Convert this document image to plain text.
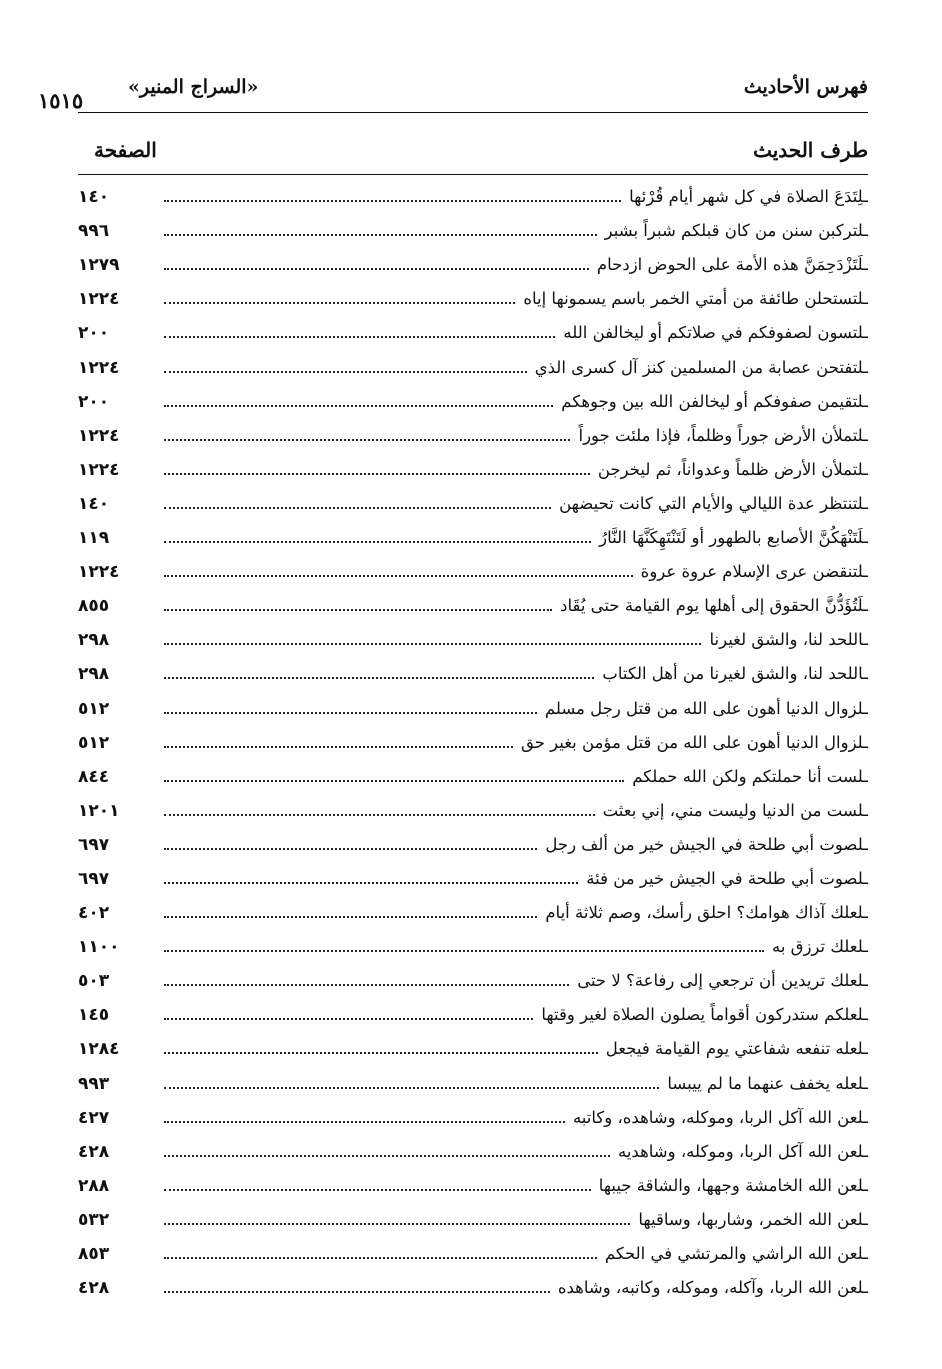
فهرس الأحاديث
«السراج المنير»
١٥١٥
طرف الحديث
الصفحة
ـ لِتَدَعَ الصلاة في كل شهر أيام قُرْئها
١٤٠
ـ لتركبن سنن من كان قبلكم شبراً بشبر
٩٩٦
ـ لَتَزْدَحِمَنَّ هذه الأمة على الحوض ازدحام
١٢٧٩
ـ لتستحلن طائفة من أمتي الخمر باسم يسمونها إياه
١٢٢٤
ـ لتسون لصفوفكم في صلاتكم أو ليخالفن الله
٢٠٠
ـ لتفتحن عصابة من المسلمين كنز آل كسرى الذي
١٢٢٤
ـ لتقيمن صفوفكم أو ليخالفن الله بين وجوهكم
٢٠٠
ـ لتملأن الأرض جوراً وظلماً، فإذا ملئت جوراً
١٢٢٤
ـ لتملأن الأرض ظلماً وعدواناً، ثم ليخرجن
١٢٢٤
ـ لتنتظر عدة الليالي والأيام التي كانت تحيضهن
١٤٠
ـ لَتَنْهَكُنَّ الأصابع بالطهور أو لَتَنْتَهِكَنَّهَا النَّارُ
١١٩
ـ لتنقضن عرى الإسلام عروة عروة
١٢٢٤
ـ لَتُؤَدُّنَّ الحقوق إلى أهلها يوم القيامة حتى يُقَاد
٨٥٥
ـ اللحد لنا، والشق لغيرنا
٢٩٨
ـ اللحد لنا، والشق لغيرنا من أهل الكتاب
٢٩٨
ـ لزوال الدنيا أهون على الله من قتل رجل مسلم
٥١٢
ـ لزوال الدنيا أهون على الله من قتل مؤمن بغير حق
٥١٢
ـ لست أنا حملتكم ولكن الله حملكم
٨٤٤
ـ لست من الدنيا وليست مني، إني بعثت
١٢٠١
ـ لصوت أبي طلحة في الجيش خير من ألف رجل
٦٩٧
ـ لصوت أبي طلحة في الجيش خير من فئة
٦٩٧
ـ لعلك آذاك هوامك؟ احلق رأسك، وصم ثلاثة أيام
٤٠٢
ـ لعلك ترزق به
١١٠٠
ـ لعلك تريدين أن ترجعي إلى رفاعة؟ لا حتى
٥٠٣
ـ لعلكم ستدركون أقواماً يصلون الصلاة لغير وقتها
١٤٥
ـ لعله تنفعه شفاعتي يوم القيامة فيجعل
١٢٨٤
ـ لعله يخفف عنهما ما لم ييبسا
٩٩٣
ـ لعن الله آكل الربا، وموكله، وشاهده، وكاتبه
٤٢٧
ـ لعن الله آكل الربا، وموكله، وشاهديه
٤٢٨
ـ لعن الله الخامشة وجهها، والشاقة جيبها
٢٨٨
ـ لعن الله الخمر، وشاربها، وساقيها
٥٣٢
ـ لعن الله الراشي والمرتشي في الحكم
٨٥٣
ـ لعن الله الربا، وآكله، وموكله، وكاتبه، وشاهده
٤٢٨
